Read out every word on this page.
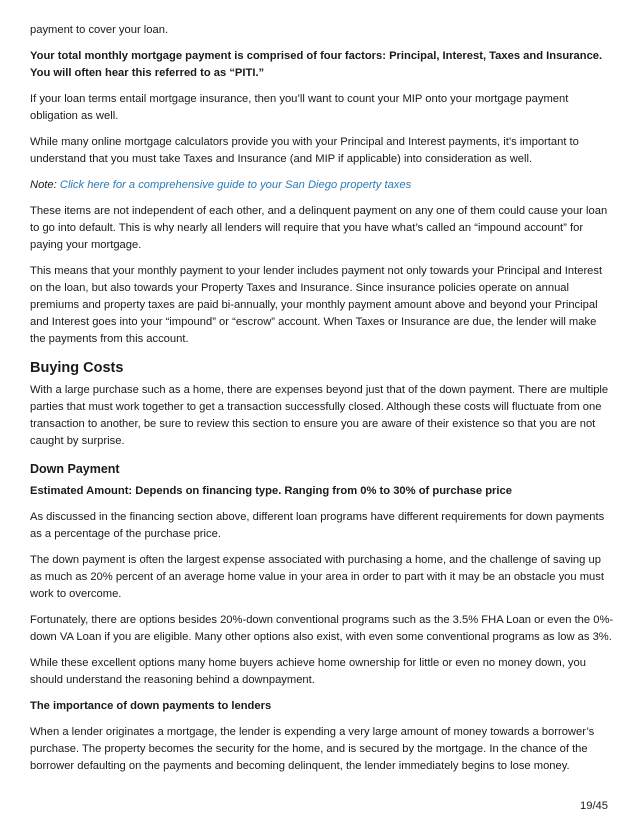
payment to cover your loan.

Your total monthly mortgage payment is comprised of four factors: Principal, Interest, Taxes and Insurance. You will often hear this referred to as “PITI.”

If your loan terms entail mortgage insurance, then you’ll want to count your MIP onto your mortgage payment obligation as well.

While many online mortgage calculators provide you with your Principal and Interest payments, it’s important to understand that you must take Taxes and Insurance (and MIP if applicable) into consideration as well.

Note: Click here for a comprehensive guide to your San Diego property taxes

These items are not independent of each other, and a delinquent payment on any one of them could cause your loan to go into default. This is why nearly all lenders will require that you have what’s called an “impound account” for paying your mortgage.

This means that your monthly payment to your lender includes payment not only towards your Principal and Interest on the loan, but also towards your Property Taxes and Insurance. Since insurance policies operate on annual premiums and property taxes are paid bi-annually, your monthly payment amount above and beyond your Principal and Interest goes into your “impound” or “escrow” account. When Taxes or Insurance are due, the lender will make the payments from this account.

Buying Costs

With a large purchase such as a home, there are expenses beyond just that of the down payment. There are multiple parties that must work together to get a transaction successfully closed. Although these costs will fluctuate from one transaction to another, be sure to review this section to ensure you are aware of their existence so that you are not caught by surprise.

Down Payment

Estimated Amount: Depends on financing type. Ranging from 0% to 30% of purchase price

As discussed in the financing section above, different loan programs have different requirements for down payments as a percentage of the purchase price.

The down payment is often the largest expense associated with purchasing a home, and the challenge of saving up as much as 20% percent of an average home value in your area in order to part with it may be an obstacle you must work to overcome.

Fortunately, there are options besides 20%-down conventional programs such as the 3.5% FHA Loan or even the 0%-down VA Loan if you are eligible. Many other options also exist, with even some conventional programs as low as 3%.

While these excellent options many home buyers achieve home ownership for little or even no money down, you should understand the reasoning behind a downpayment.

The importance of down payments to lenders

When a lender originates a mortgage, the lender is expending a very large amount of money towards a borrower’s purchase. The property becomes the security for the home, and is secured by the mortgage. In the chance of the borrower defaulting on the payments and becoming delinquent, the lender immediately begins to lose money.

19/45
